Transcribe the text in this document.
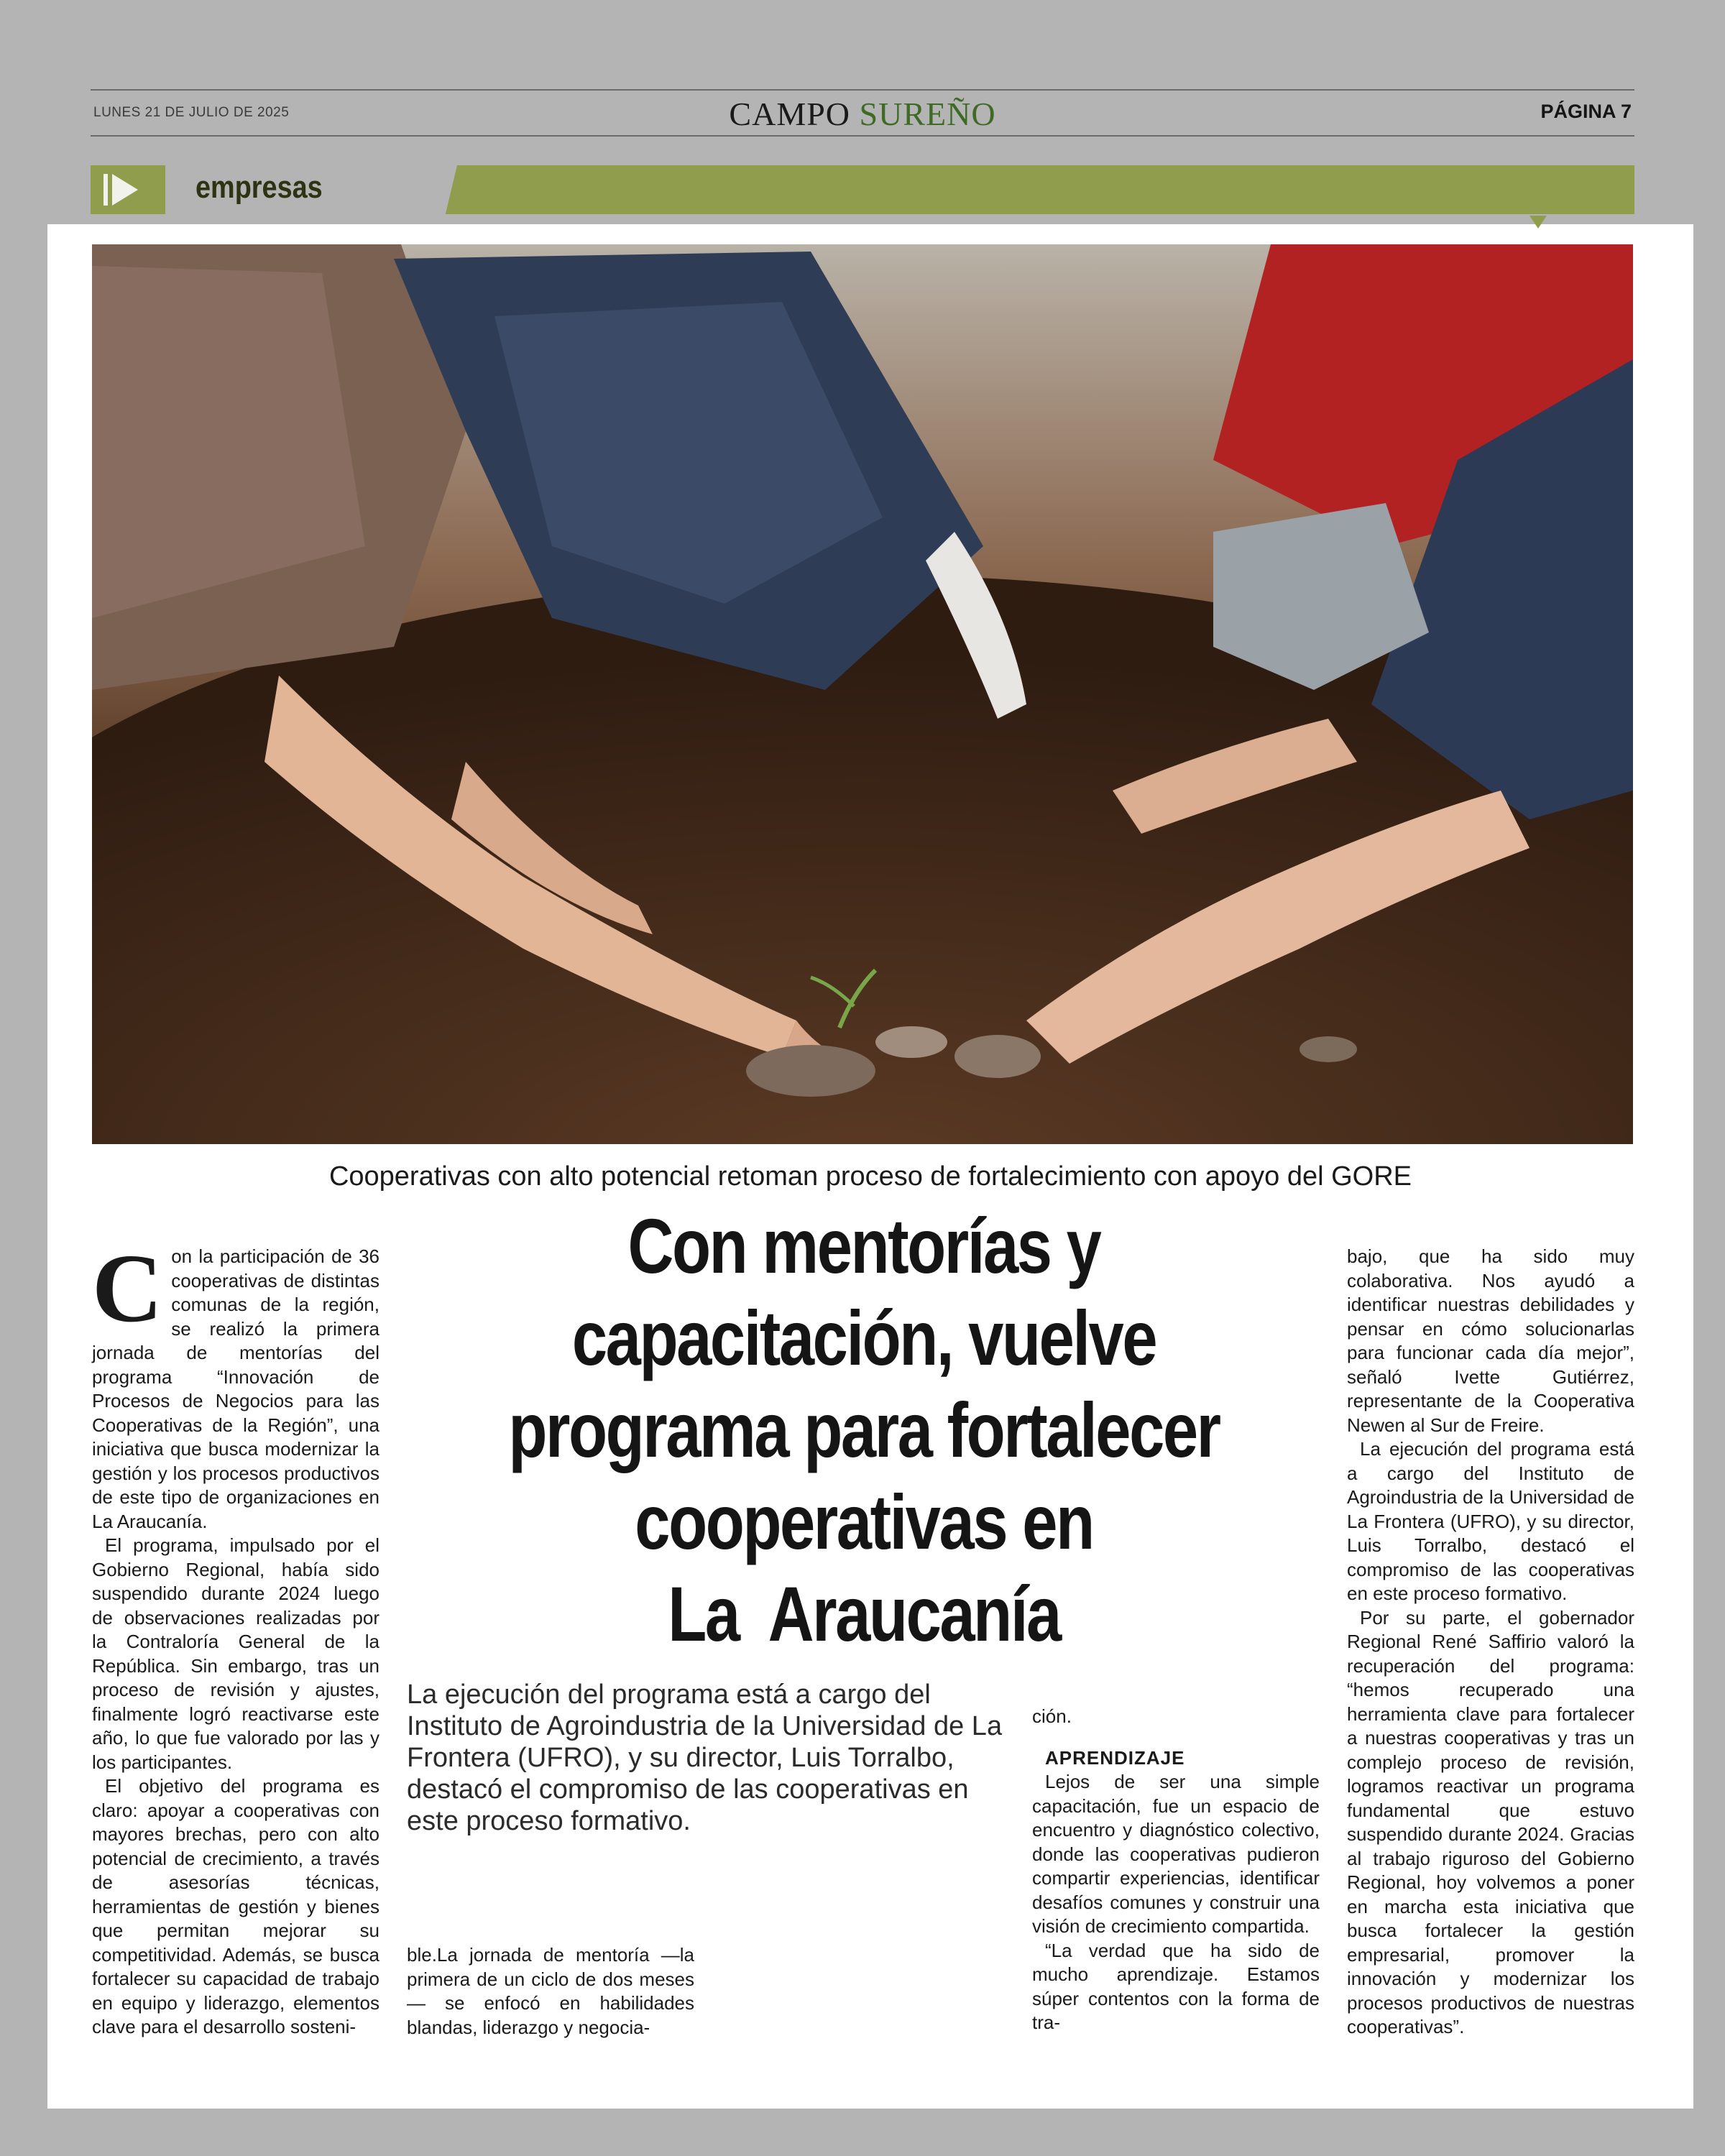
LUNES 21 DE JULIO DE 2025	CAMPO SUREÑO	PÁGINA 7
empresas
Cooperativas con alto potencial retoman proceso de fortalecimiento con apoyo del GORE
Con mentorías y
capacitación, vuelve
programa para fortalecer
cooperativas en
La  Araucanía
C on la participación de 36 cooperativas de distintas comunas de la región, se realizó la primera jornada de mentorías del programa “Innovación de Procesos de Negocios para las Cooperativas de la Región”, una iniciativa que busca modernizar la gestión y los procesos productivos de este tipo de organizaciones en La Araucanía.

El programa, impulsado por el Gobierno Regional, había sido suspendido durante 2024 luego de observaciones realizadas por la Contraloría General de la República. Sin embargo, tras un proceso de revisión y ajustes, finalmente logró reactivarse este año, lo que fue valorado por las y los participantes.

El objetivo del programa es claro: apoyar a cooperativas con mayores brechas, pero con alto potencial de crecimiento, a través de asesorías técnicas, herramientas de gestión y bienes que permitan mejorar su competitividad. Además, se busca fortalecer su capacidad de trabajo en equipo y liderazgo, elementos clave para el desarrollo sosteni-

La ejecución del programa está a cargo del Instituto de Agroindustria de la Universidad de La Frontera (UFRO), y su director, Luis Torralbo, destacó el compromiso de las cooperativas en este proceso formativo.

ble.La jornada de mentoría —la primera de un ciclo de dos meses— se enfocó en habilidades blandas, liderazgo y negocia-

ción.

APRENDIZAJE

Lejos de ser una simple capacitación, fue un espacio de encuentro y diagnóstico colectivo, donde las cooperativas pudieron compartir experiencias, identificar desafíos comunes y construir una visión de crecimiento compartida.

“La verdad que ha sido de mucho aprendizaje. Estamos súper contentos con la forma de tra-

bajo, que ha sido muy colaborativa. Nos ayudó a identificar nuestras debilidades y pensar en cómo solucionarlas para funcionar cada día mejor”, señaló Ivette Gutiérrez, representante de la Cooperativa Newen al Sur de Freire.

La ejecución del programa está a cargo del Instituto de Agroindustria de la Universidad de La Frontera (UFRO), y su director, Luis Torralbo, destacó el compromiso de las cooperativas en este proceso formativo.

Por su parte, el gobernador Regional René Saffirio valoró la recuperación del programa: “hemos recuperado una herramienta clave para fortalecer a nuestras cooperativas y tras un complejo proceso de revisión, logramos reactivar un programa fundamental que estuvo suspendido durante 2024. Gracias al trabajo riguroso del Gobierno Regional, hoy volvemos a poner en marcha esta iniciativa que busca fortalecer la gestión empresarial, promover la innovación y modernizar los procesos productivos de nuestras cooperativas”.
